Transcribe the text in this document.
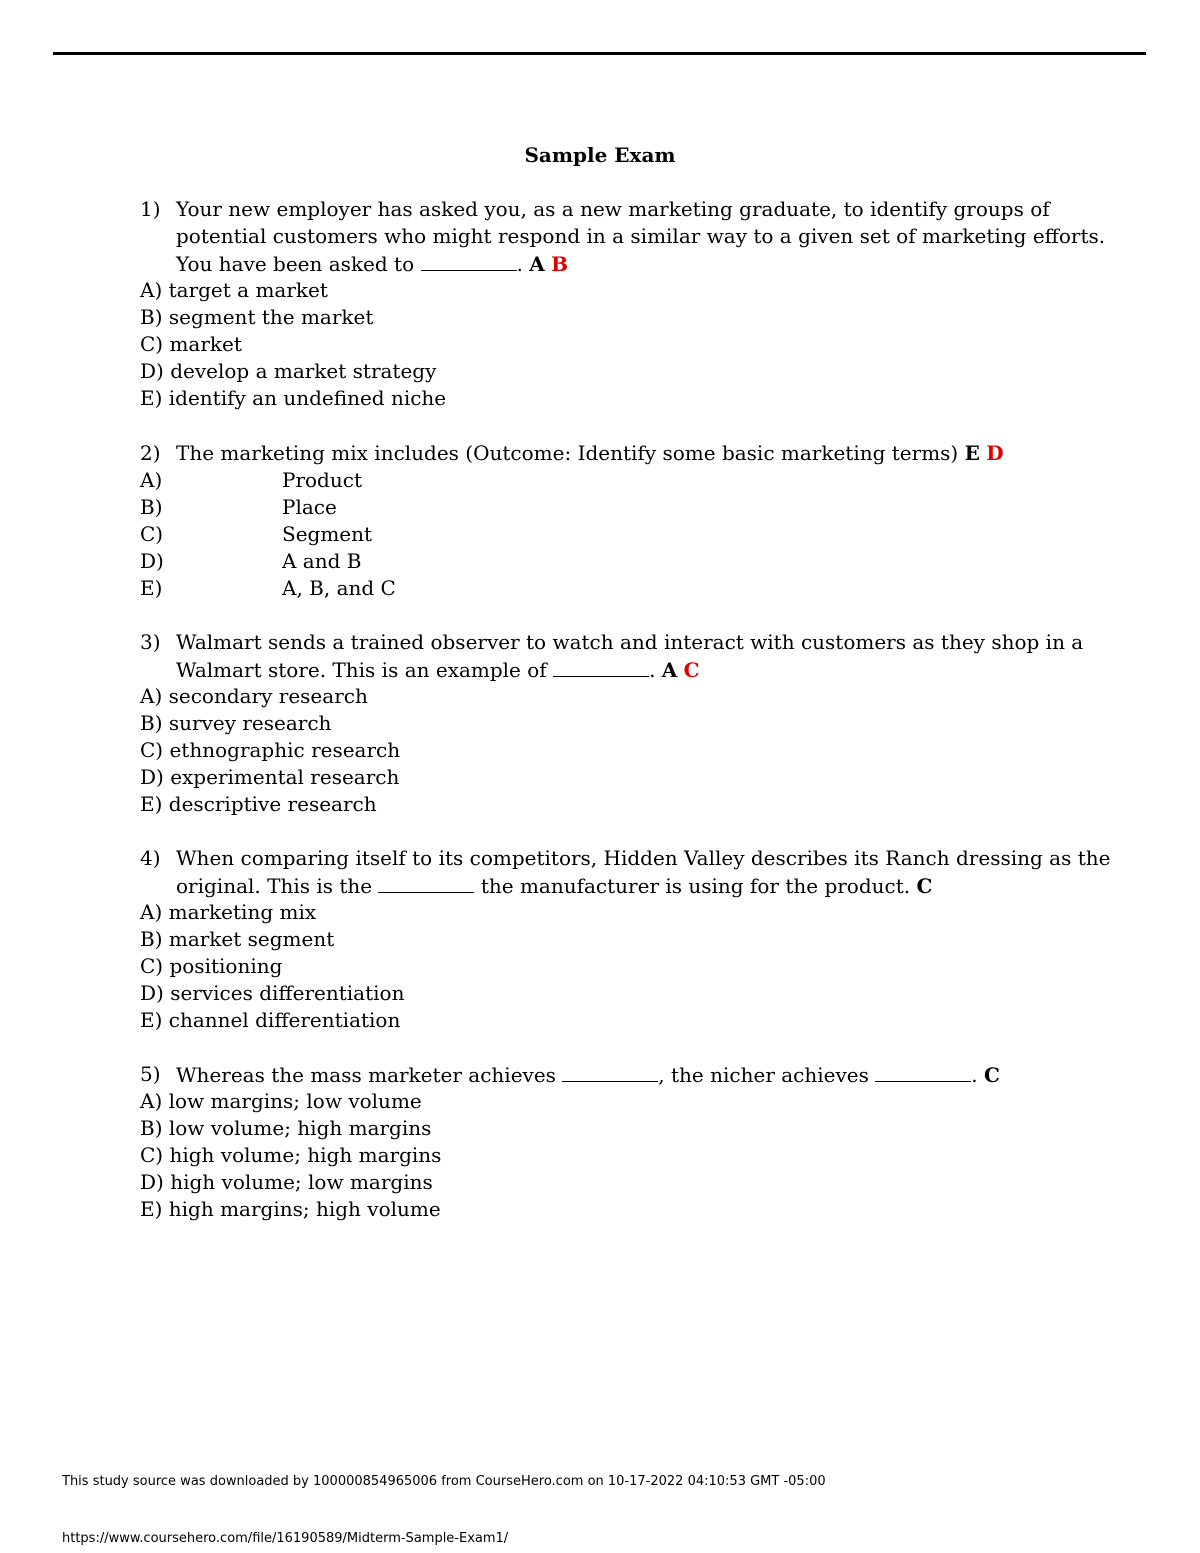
Sample Exam
1) Your new employer has asked you, as a new marketing graduate, to identify groups of
potential customers who might respond in a similar way to a given set of marketing efforts.
You have been asked to	. A B
A) target a market
B) segment the market
C) market
D) develop a market strategy
E) identify an undefined niche
2) The marketing mix includes (Outcome: Identify some basic marketing terms) E D
A)	Product
B)	Place
C)	Segment
D)	A and B
E)	A, B, and C
3) Walmart sends a trained observer to watch and interact with customers as they shop in a
Walmart store. This is an example of	. A C
A) secondary research
B) survey research
C) ethnographic research
D) experimental research
E) descriptive research
4) When comparing itself to its competitors, Hidden Valley describes its Ranch dressing as the
original. This is the	the manufacturer is using for the product. C
A) marketing mix
B) market segment
C) positioning
D) services differentiation
E) channel differentiation
5) Whereas the mass marketer achieves	, the nicher achieves	. C
A) low margins; low volume
B) low volume; high margins
C) high volume; high margins
D) high volume; low margins
E) high margins; high volume
This study source was downloaded by 100000854965006 from CourseHero.com on 10-17-2022 04:10:53 GMT -05:00
https://www.coursehero.com/file/16190589/Midterm-Sample-Exam1/
